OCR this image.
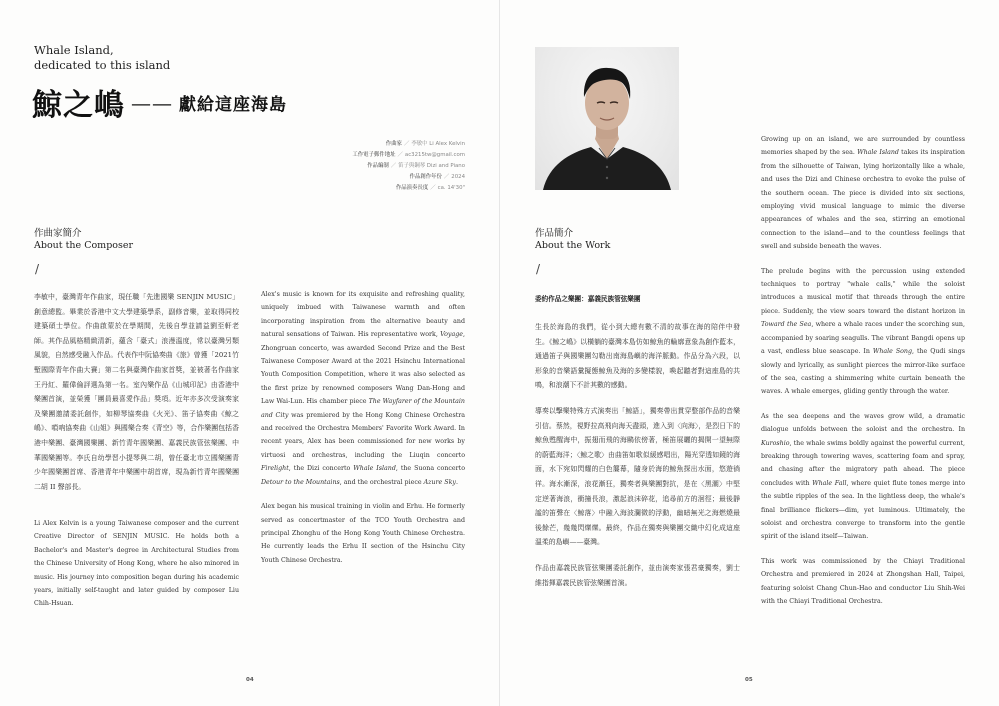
Whale Island,
dedicated to this island
鯨之嶋 —— $^{獻給這座海島}$
作曲家 ／ 李敏中 Li Alex Kelvin
工作電子郵件地址 ／ ac3215tw@gmail.com
作品編制 ／ 笛子與鋼琴 Dizi and Piano
作品創作年份 ／ 2024
作品演奏長度 ／ ca. 14'30"
作曲家簡介
About the Composer
/

李敏中，臺灣青年作曲家，現任職「先進國樂 SENJIN MUSIC」創意總監。畢業於香港中文大學建築學系，副修音樂，並取得同校建築碩士學位。作曲啟蒙於在學期間，先後自學並請益劉至軒老師。其作品風格精緻清新，蘊含「臺式」浪漫溫度，常以臺灣另類風貌，自然感受融入作品。代表作中阮協奏曲《旅》曾獲「2021竹塹國際青年作曲大賽」第二名與臺灣作曲家首獎，並被著名作曲家王丹紅、羅偉倫評選為第一名。室內樂作品《山城印記》由香港中樂團首演，並榮獲「團員最喜愛作品」獎項。近年亦多次受演奏家及樂團邀請委託創作，如柳琴協奏曲《火光》、笛子協奏曲《鯨之嶋》、嗩吶協奏曲《山姐》與國樂合奏《青空》等，合作樂團包括香港中樂團、臺灣國樂團、新竹青年國樂團、嘉義民族管弦樂團、中華國樂團等。李氏自幼學習小提琴與二胡，曾任臺北市立國樂團青少年國樂團首席、香港青年中樂團中胡首席，現為新竹青年國樂團二胡 II 聲部長。

Li Alex Kelvin is a young Taiwanese composer and the current Creative Director of SENJIN MUSIC. He holds both a Bachelor's and Master's degree in Architectural Studies from the Chinese University of Hong Kong, where he also minored in music. His journey into composition began during his academic years, initially self-taught and later guided by composer Liu Chih-Hsuan.

Alex's music is known for its exquisite and refreshing quality, uniquely imbued with Taiwanese warmth and often incorporating inspiration from the alternative beauty and natural sensations of Taiwan. His representative work, Voyage, Zhongruan concerto, was awarded Second Prize and the Best Taiwanese Composer Award at the 2021 Hsinchu International Youth Composition Competition, where it was also selected as the first prize by renowned composers Wang Dan-Hong and Law Wai-Lun. His chamber piece The Wayfarer of the Mountain and City was premiered by the Hong Kong Chinese Orchestra and received the Orchestra Members' Favorite Work Award. In recent years, Alex has been commissioned for new works by virtuosi and orchestras, including the Liuqin concerto Firelight, the Dizi concerto Whale Island, the Suona concerto Detour to the Mountains, and the orchestral piece Azure Sky.

Alex began his musical training in violin and Erhu. He formerly served as concertmaster of the TCO Youth Orchestra and principal Zhonghu of the Hong Kong Youth Chinese Orchestra. He currently leads the Erhu II section of the Hsinchu City Youth Chinese Orchestra.

04
作品簡介
About the Work
/
委約作品之樂團：嘉義民族管弦樂團

生長於海島的我們，從小到大總有數不清的故事在海的陪伴中發生。《鯨之嶋》以橫躺的臺灣本島仿如鯨魚的輪廓意象為創作藍本，通過笛子與國樂團勾勒出南海島嶼的海洋脈動。作品分為六段，以形象的音樂語彙擬態鯨魚及海的多變樣貌，喚起聽者對這座島的共鳴，和浪潮下不計其數的感動。

導奏以擊樂特殊方式演奏出「鯨語」，獨奏帶出貫穿整部作品的音樂引信。蔡然，視野拉高飛向海天盡頭，進入到〈向海〉，是烈日下的鯨魚甦醒海中，振翅而飛的海鷗依傍著，極笛展曬的揭開一望無際的蔚藍海洋；〈鯨之歌〉由曲笛如歌似緩感唱出，陽光穿透如鏡的海面，水下宛如閃耀的白色簾幕，隨身於海的鯨魚探出水面，悠遊徜徉。海水漸深，浪花漸狂，獨奏者與樂團對抗，是在〈黑潮〉中堅定逆著海浪，衝撞長浪，激起浪沫碎花，追尋前方的洄徑；最後靜謐的笛聲在〈鯨落〉中融入海波瀾微的浮動，幽暗無光之海燃燒最後餘芒，幾幾閃爍爍。最終，作品在獨奏與樂團交織中幻化成這座溫柔的島嶼——臺灣。

作品由嘉義民族管弦樂團委託創作，並由演奏家張君豪獨奏，劉士維指揮嘉義民族管弦樂團首演。

Growing up on an island, we are surrounded by countless memories shaped by the sea. Whale Island takes its inspiration from the silhouette of Taiwan, lying horizontally like a whale, and uses the Dizi and Chinese orchestra to evoke the pulse of the southern ocean. The piece is divided into six sections, employing vivid musical language to mimic the diverse appearances of whales and the sea, stirring an emotional connection to the island—and to the countless feelings that swell and subside beneath the waves.

The prelude begins with the percussion using extended techniques to portray "whale calls," while the soloist introduces a musical motif that threads through the entire piece. Suddenly, the view soars toward the distant horizon in Toward the Sea, where a whale races under the scorching sun, accompanied by soaring seagulls. The vibrant Bangdi opens up a vast, endless blue seascape. In Whale Song, the Qudi sings slowly and lyrically, as sunlight pierces the mirror-like surface of the sea, casting a shimmering white curtain beneath the waves. A whale emerges, gliding gently through the water.

As the sea deepens and the waves grow wild, a dramatic dialogue unfolds between the soloist and the orchestra. In Kuroshio, the whale swims boldly against the powerful current, breaking through towering waves, scattering foam and spray, and chasing after the migratory path ahead. The piece concludes with Whale Fall, where quiet flute tones merge into the subtle ripples of the sea. In the lightless deep, the whale's final brilliance flickers—dim, yet luminous. Ultimately, the soloist and orchestra converge to transform into the gentle spirit of the island itself—Taiwan.

This work was commissioned by the Chiayi Traditional Orchestra and premiered in 2024 at Zhongshan Hall, Taipei, featuring soloist Chang Chun-Hao and conductor Liu Shih-Wei with the Chiayi Traditional Orchestra.

05
